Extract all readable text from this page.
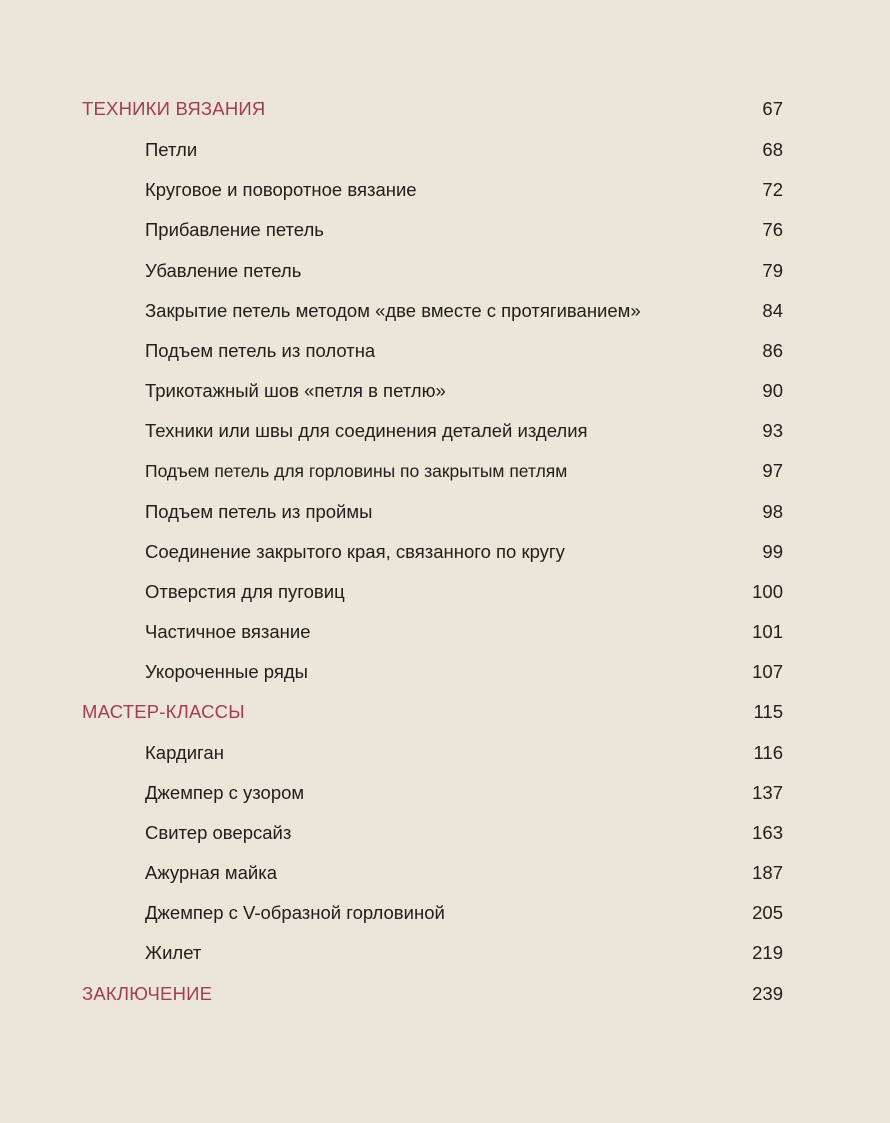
ТЕХНИКИ ВЯЗАНИЯ	67
Петли	68
Круговое и поворотное вязание	72
Прибавление петель	76
Убавление петель	79
Закрытие петель методом «две вместе с протягиванием»	84
Подъем петель из полотна	86
Трикотажный шов «петля в петлю»	90
Техники или швы для соединения деталей изделия	93
Подъем петель для горловины по закрытым петлям	97
Подъем петель из проймы	98
Соединение закрытого края, связанного по кругу	99
Отверстия для пуговиц	100
Частичное вязание	101
Укороченные ряды	107
МАСТЕР-КЛАССЫ	115
Кардиган	116
Джемпер с узором	137
Свитер оверсайз	163
Ажурная майка	187
Джемпер с V-образной горловиной	205
Жилет	219
ЗАКЛЮЧЕНИЕ	239
